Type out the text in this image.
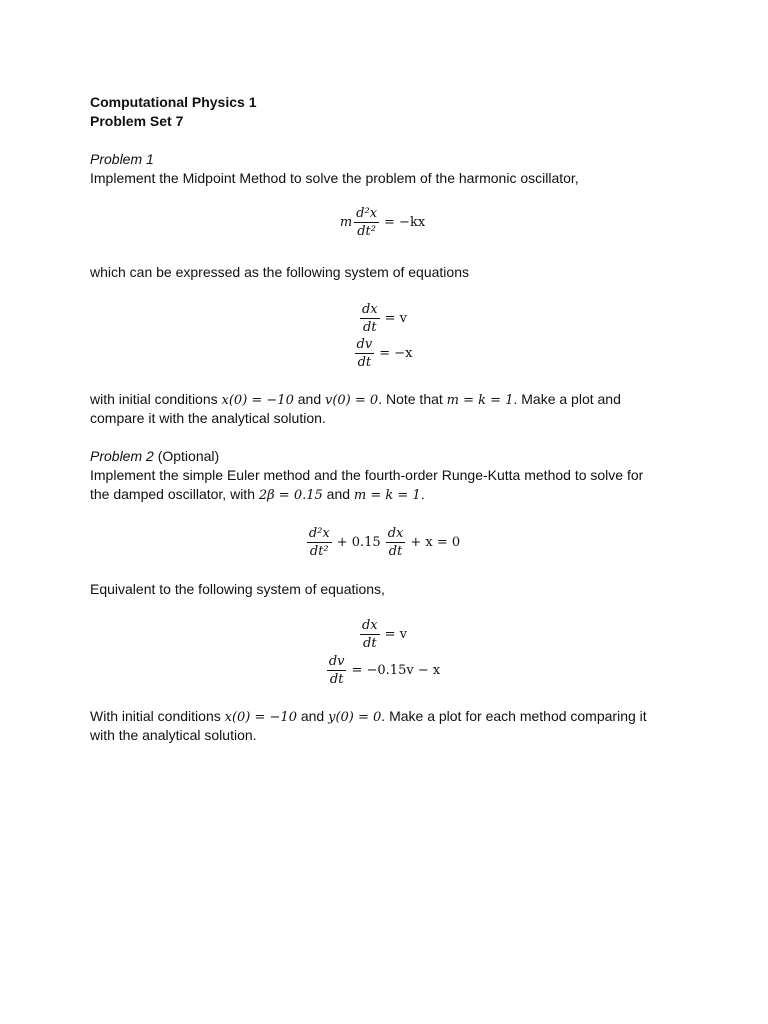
Computational Physics 1
Problem Set 7
Problem 1
Implement the Midpoint Method to solve the problem of the harmonic oscillator,
m $\frac{\text{d²x}}{\text{dt²}} = -kx$
which can be expressed as the following system of equations
$\frac{dx}{dt} = v$
$\frac{dv}{dt} = -x$
with initial conditions x(0) = −10 and v(0) = 0. Note that m = k = 1. Make a plot and
compare it with the analytical solution.
Problem 2 (Optional)
Implement the simple Euler method and the fourth-order Runge-Kutta method to solve for
the damped oscillator, with 2β = 0.15 and m = k = 1.
$\frac{\text{d²x}}{\text{dt²}} + 0.15 \frac{dx}{dt} + x = 0$
Equivalent to the following system of equations,
$\frac{dx}{dt} = v$
$\frac{dv}{dt} = -0.15v - x$
With initial conditions x(0) = −10 and y(0) = 0. Make a plot for each method comparing it
with the analytical solution.
